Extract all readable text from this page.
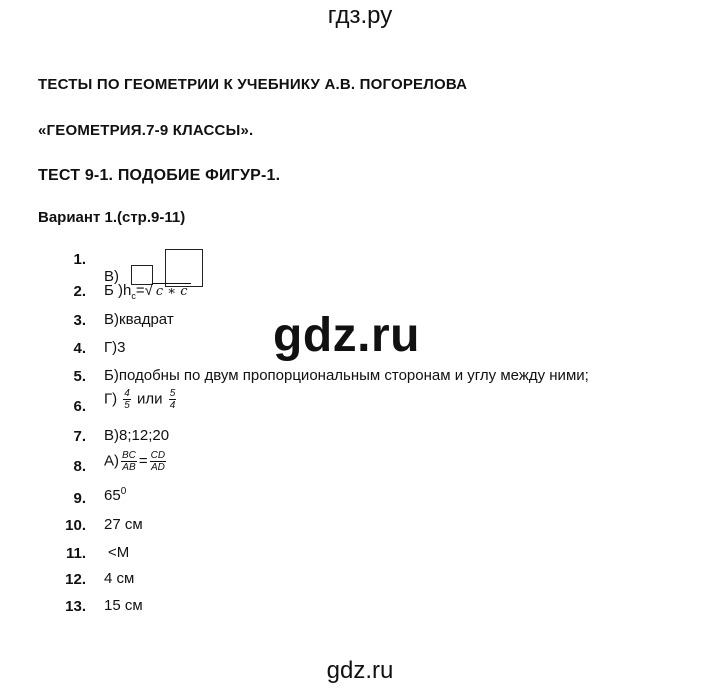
гдз.ру
ТЕСТЫ ПО ГЕОМЕТРИИ К УЧЕБНИКУ А.В. ПОГОРЕЛОВА
«ГЕОМЕТРИЯ.7-9 КЛАССЫ».
ТЕСТ 9-1. ПОДОБИЕ ФИГУР-1.
Вариант 1.(стр.9-11)
1.
В)
2. Б )$h_c=√$ c ∗ c
3. В)квадрат
4. Г)3
5. Б)подобны по двум пропорциональным сторонам и углу между ними;
6. $Г) \frac{4}{5}$ или $\frac{5}{4}$
7. В)8;12;20
8. $А) \frac{BC}{AB} = \frac{CD}{AD}$
9. $65^0$
10. 27 см
11. <M
12. 4 см
13. 15 см
gdz.ru
gdz.ru
